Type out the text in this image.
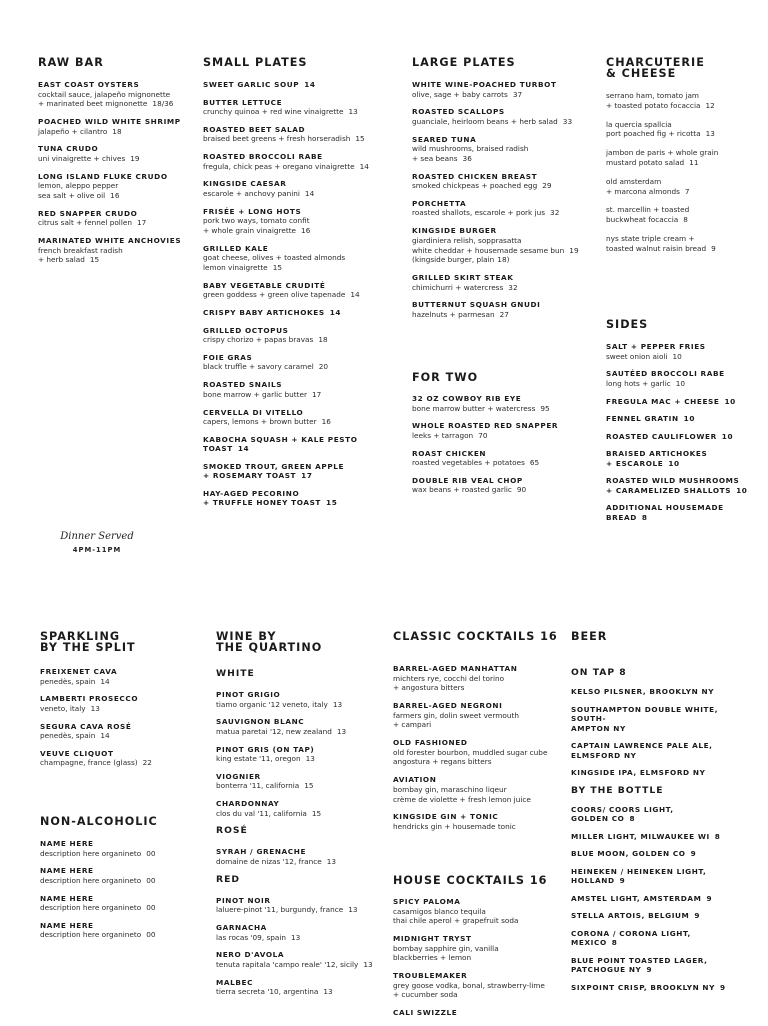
RAW BAR
EAST COAST OYSTERS
cocktail sauce, jalapeño mignonette
+ marinated beet mignonette 18/36
POACHED WILD WHITE SHRIMP
jalapeño + cilantro 18
TUNA CRUDO
uni vinaigrette + chives 19
LONG ISLAND FLUKE CRUDO
lemon, aleppo pepper
sea salt + olive oil 16
RED SNAPPER CRUDO
citrus salt + fennel pollen 17
MARINATED WHITE ANCHOVIES
french breakfast radish
+ herb salad 15
SMALL PLATES
SWEET GARLIC SOUP 14
BUTTER LETTUCE
crunchy quinoa + red wine vinaigrette 13
ROASTED BEET SALAD
braised beet greens + fresh horseradish 15
ROASTED BROCCOLI RABE
fregula, chick peas + oregano vinaigrette 14
KINGSIDE CAESAR
escarole + anchovy panini 14
FRISÉE + LONG HOTS
pork two ways, tomato confit
+ whole grain vinaigrette 16
GRILLED KALE
goat cheese, olives + toasted almonds
lemon vinaigrette 15
BABY VEGETABLE CRUDITÉ
green goddess + green olive tapenade 14
CRISPY BABY ARTICHOKES 14
GRILLED OCTOPUS
crispy chorizo + papas bravas 18
FOIE GRAS
black truffle + savory caramel 20
ROASTED SNAILS
bone marrow + garlic butter 17
CERVELLA DI VITELLO
capers, lemons + brown butter 16
KABOCHA SQUASH + KALE PESTO TOAST 14
SMOKED TROUT, GREEN APPLE
+ ROSEMARY TOAST 17
HAY-AGED PECORINO
+ TRUFFLE HONEY TOAST 15
LARGE PLATES
WHITE WINE-POACHED TURBOT
olive, sage + baby carrots 37
ROASTED SCALLOPS
guanciale, heirloom beans + herb salad 33
SEARED TUNA
wild mushrooms, braised radish
+ sea beans 36
ROASTED CHICKEN BREAST
smoked chickpeas + poached egg 29
PORCHETTA
roasted shallots, escarole + pork jus 32
KINGSIDE BURGER
giardiniera relish, sopprasatta
white cheddar + housemade sesame bun 19
(kingside burger, plain 18)
GRILLED SKIRT STEAK
chimichurri + watercress 32
BUTTERNUT SQUASH GNUDI
hazelnuts + parmesan 27
FOR TWO
32 OZ COWBOY RIB EYE
bone marrow butter + watercress 95
WHOLE ROASTED RED SNAPPER
leeks + tarragon 70
ROAST CHICKEN
roasted vegetables + potatoes 65
DOUBLE RIB VEAL CHOP
wax beans + roasted garlic 90
CHARCUTERIE
& CHEESE
serrano ham, tomato jam
+ toasted potato focaccia 12
la quercia spallcia
port poached fig + ricotta 13
jambon de paris + whole grain
mustard potato salad 11
old amsterdam
+ marcona almonds 7
st. marcellin + toasted
buckwheat focaccia 8
nys state triple cream +
toasted walnut raisin bread 9
SIDES
SALT + PEPPER FRIES
sweet onion aioli 10
SAUTÉED BROCCOLI RABE
long hots + garlic 10
FREGULA MAC + CHEESE 10
FENNEL GRATIN 10
ROASTED CAULIFLOWER 10
BRAISED ARTICHOKES
+ ESCAROLE 10
ROASTED WILD MUSHROOMS
+ CARAMELIZED SHALLOTS 10
ADDITIONAL HOUSEMADE
BREAD 8
Dinner Served
4PM-11PM
SPARKLING
BY THE SPLIT
FREIXENET CAVA
penedès, spain 14
LAMBERTI PROSECCO
veneto, italy 13
SEGURA CAVA ROSÉ
penedès, spain 14
VEUVE CLIQUOT
champagne, france (glass) 22
NON-ALCOHOLIC
NAME HERE
description here organineto 00
NAME HERE
description here organineto 00
NAME HERE
description here organineto 00
NAME HERE
description here organineto 00
WINE BY
THE QUARTINO
WHITE
PINOT GRIGIO
tiamo organic '12 veneto, italy 13
SAUVIGNON BLANC
matua paretai '12, new zealand 13
PINOT GRIS (ON TAP)
king estate '11, oregon 13
VIOGNIER
bonterra '11, california 15
CHARDONNAY
clos du val '11, california 15
ROSÉ
SYRAH / GRENACHE
domaine de nizas '12, france 13
RED
PINOT NOIR
laluere-pinot '11, burgundy, france 13
GARNACHA
las rocas '09, spain 13
NERO D'AVOLA
tenuta rapitala 'campo reale' '12, sicily 13
MALBEC
tierra secreta '10, argentina 13
CLASSIC COCKTAILS 16
BARREL-AGED MANHATTAN
michters rye, cocchi del torino
+ angostura bitters
BARREL-AGED NEGRONI
farmers gin, dolin sweet vermouth
+ campari
OLD FASHIONED
old forester bourbon, muddled sugar cube
angostura + regans bitters
AVIATION
bombay gin, maraschino liqeur
crème de violette + fresh lemon juice
KINGSIDE GIN + TONIC
hendricks gin + housemade tonic
HOUSE COCKTAILS 16
SPICY PALOMA
casamigos blanco tequila
thai chile aperol + grapefruit soda
MIDNIGHT TRYST
bombay sapphire gin, vanilla
blackberries + lemon
TROUBLEMAKER
grey goose vodka, bonal, strawberry-lime
+ cucumber soda
CALI SWIZZLE
BEER
ON TAP 8
KELSO PILSNER, BROOKLYN NY
SOUTHAMPTON DOUBLE WHITE, SOUTH-
AMPTON NY
CAPTAIN LAWRENCE PALE ALE,
ELMSFORD NY
KINGSIDE IPA, ELMSFORD NY
BY THE BOTTLE
COORS/ COORS LIGHT,
GOLDEN CO 8
MILLER LIGHT, MILWAUKEE WI 8
BLUE MOON, GOLDEN CO 9
HEINEKEN / HEINEKEN LIGHT,
HOLLAND 9
AMSTEL LIGHT, AMSTERDAM 9
STELLA ARTOIS, BELGIUM 9
CORONA / CORONA LIGHT,
MEXICO 8
BLUE POINT TOASTED LAGER,
PATCHOGUE NY 9
SIXPOINT CRISP, BROOKLYN NY 9
